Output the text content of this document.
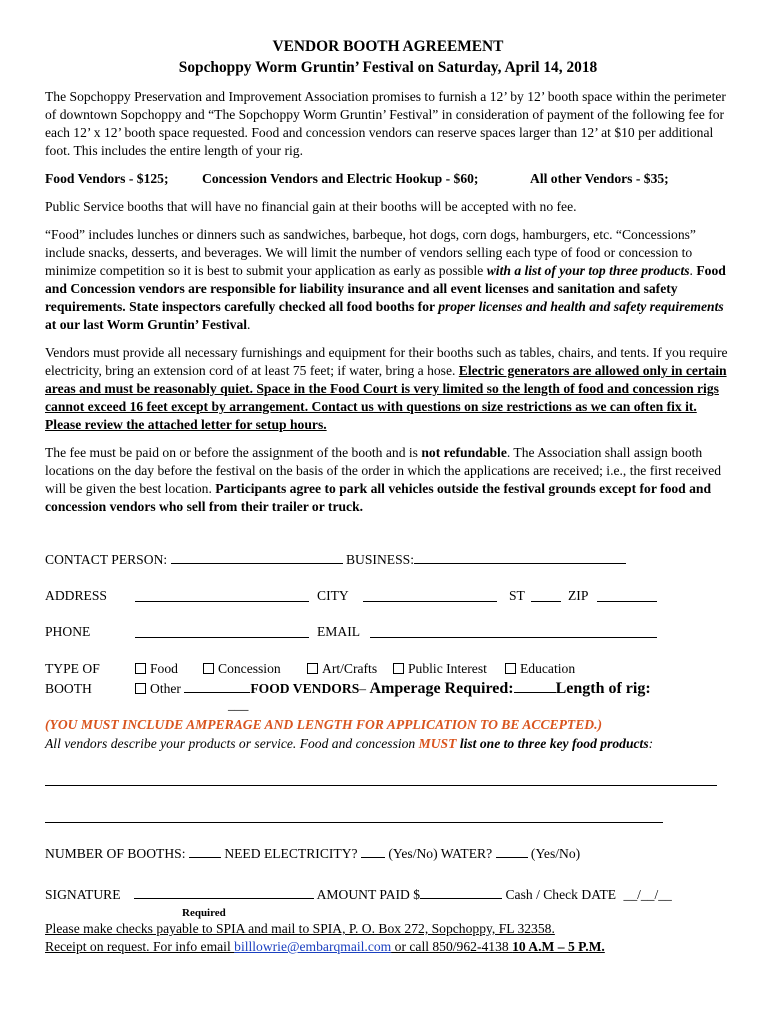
VENDOR BOOTH AGREEMENT
Sopchoppy Worm Gruntin’ Festival on Saturday, April 14, 2018

The Sopchoppy Preservation and Improvement Association promises to furnish a 12’ by 12’ booth space within the perimeter of downtown Sopchoppy and “The Sopchoppy Worm Gruntin’ Festival” in consideration of payment of the following fee for each 12’ x 12’ booth space requested. Food and concession vendors can reserve spaces larger than 12’ at $10 per additional foot. This includes the entire length of your rig.

Food Vendors - $125;	Concession Vendors and Electric Hookup - $60;	All other Vendors - $35;

Public Service booths that will have no financial gain at their booths will be accepted with no fee.

“Food” includes lunches or dinners such as sandwiches, barbeque, hot dogs, corn dogs, hamburgers, etc. “Concessions” include snacks, desserts, and beverages. We will limit the number of vendors selling each type of food or concession to minimize competition so it is best to submit your application as early as possible with a list of your top three products. Food and Concession vendors are responsible for liability insurance and all event licenses and sanitation and safety requirements. State inspectors carefully checked all food booths for proper licenses and health and safety requirements at our last Worm Gruntin’ Festival.

Vendors must provide all necessary furnishings and equipment for their booths such as tables, chairs, and tents. If you require electricity, bring an extension cord of at least 75 feet; if water, bring a hose. Electric generators are allowed only in certain areas and must be reasonably quiet. Space in the Food Court is very limited so the length of food and concession rigs cannot exceed 16 feet except by arrangement. Contact us with questions on size restrictions as we can often fix it. Please review the attached letter for setup hours.

The fee must be paid on or before the assignment of the booth and is not refundable. The Association shall assign booth locations on the day before the festival on the basis of the order in which the applications are received; i.e., the first received will be given the best location. Participants agree to park all vehicles outside the festival grounds except for food and concession vendors who sell from their trailer or truck.

CONTACT PERSON:	BUSINESS:
ADDRESS	CITY	ST	ZIP
PHONE	EMAIL
TYPE OF	Food	Concession	Art/Crafts	Public Interest	Education
BOOTH	Other	FOOD VENDORS– Amperage Required:	Length of rig:
___
(YOU MUST INCLUDE AMPERAGE AND LENGTH FOR APPLICATION TO BE ACCEPTED.)
All vendors describe your products or service. Food and concession MUST list one to three key food products:
NUMBER OF BOOTHS:	NEED ELECTRICITY? (Yes/No) WATER?	(Yes/No)
SIGNATURE	AMOUNT PAID $	Cash / Check DATE __/__/__
Required
Please make checks payable to SPIA and mail to SPIA, P. O. Box 272, Sopchoppy, FL 32358.
Receipt on request. For info email billlowrie@embarqmail.com or call 850/962-4138 10 A.M – 5 P.M.
